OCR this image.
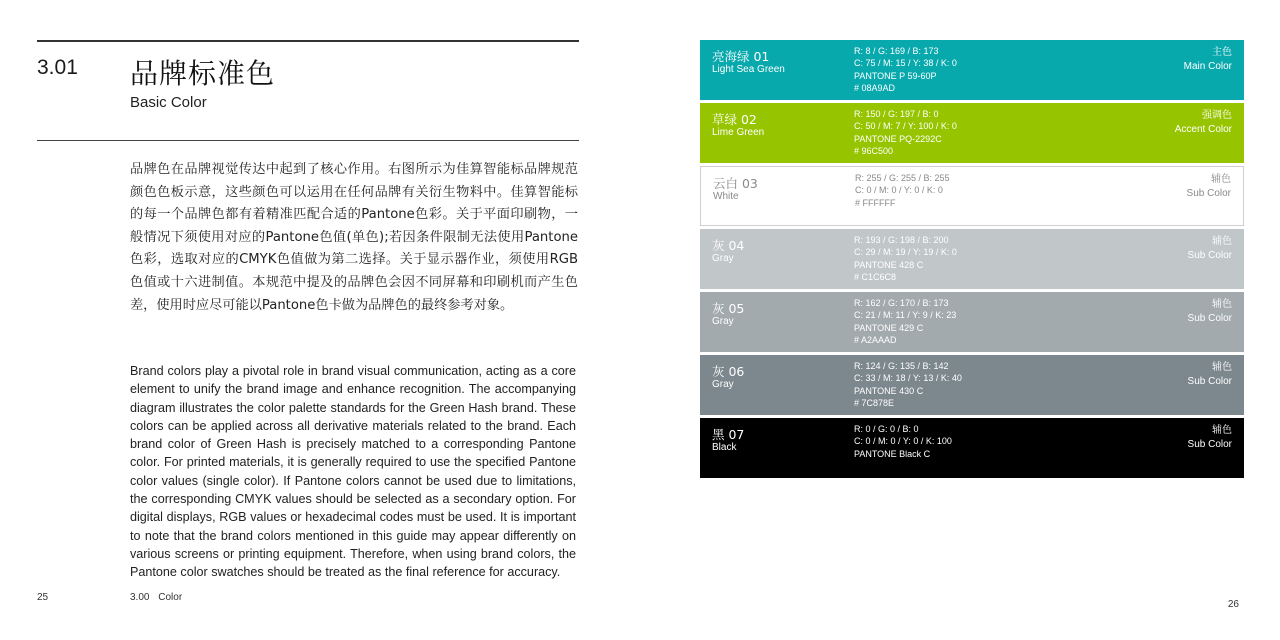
3.01 品牌标准色
Basic Color

品牌色在品牌视觉传达中起到了核心作用。右图所示为佳算智能标品牌规范颜色色板示意，这些颜色可以运用在任何品牌有关衍生物料中。佳算智能标的每一个品牌色都有着精准匹配合适的Pantone色彩。关于平面印刷物，一般情况下须使用对应的Pantone色值(单色);若因条件限制无法使用Pantone色彩，选取对应的CMYK色值做为第二选择。关于显示器作业，须使用RGB色值或十六进制值。本规范中提及的品牌色会因不同屏幕和印刷机而产生色差，使用时应尽可能以Pantone色卡做为品牌色的最终参考对象。

Brand colors play a pivotal role in brand visual communication, acting as a core element to unify the brand image and enhance recognition. The accompanying diagram illustrates the color palette standards for the Green Hash brand. These colors can be applied across all derivative materials related to the brand. Each brand color of Green Hash is precisely matched to a corresponding Pantone color. For printed materials, it is generally required to use the specified Pantone color values (single color). If Pantone colors cannot be used due to limitations, the corresponding CMYK values should be selected as a secondary option. For digital displays, RGB values or hexadecimal codes must be used. It is important to note that the brand colors mentioned in this guide may appear differently on various screens or printing equipment. Therefore, when using brand colors, the Pantone color swatches should be treated as the final reference for accuracy.

25	3.00 Color
亮海绿 01
Light Sea Green
R: 8 / G: 169 / B: 173
C: 75 / M: 15 / Y: 38 / K: 0
PANTONE P 59-60P
# 08A9AD
主色
Main Color
草绿 02
Lime Green
R: 150 / G: 197 / B: 0
C: 50 / M: 7 / Y: 100 / K: 0
PANTONE PQ-2292C
# 96C500
强调色
Accent Color
云白 03
White
R: 255 / G: 255 / B: 255
C: 0 / M: 0 / Y: 0 / K: 0
# FFFFFF
辅色
Sub Color
灰 04
Gray
R: 193 / G: 198 / B: 200
C: 29 / M: 19 / Y: 19 / K: 0
PANTONE 428 C
# C1C6C8
辅色
Sub Color
灰 05
Gray
R: 162 / G: 170 / B: 173
C: 21 / M: 11 / Y: 9 / K: 23
PANTONE 429 C
# A2AAAD
辅色
Sub Color
灰 06
Gray
R: 124 / G: 135 / B: 142
C: 33 / M: 18 / Y: 13 / K: 40
PANTONE 430 C
# 7C878E
辅色
Sub Color
黑 07
Black
R: 0 / G: 0 / B: 0
C: 0 / M: 0 / Y: 0 / K: 100
PANTONE Black C
辅色
Sub Color
26
